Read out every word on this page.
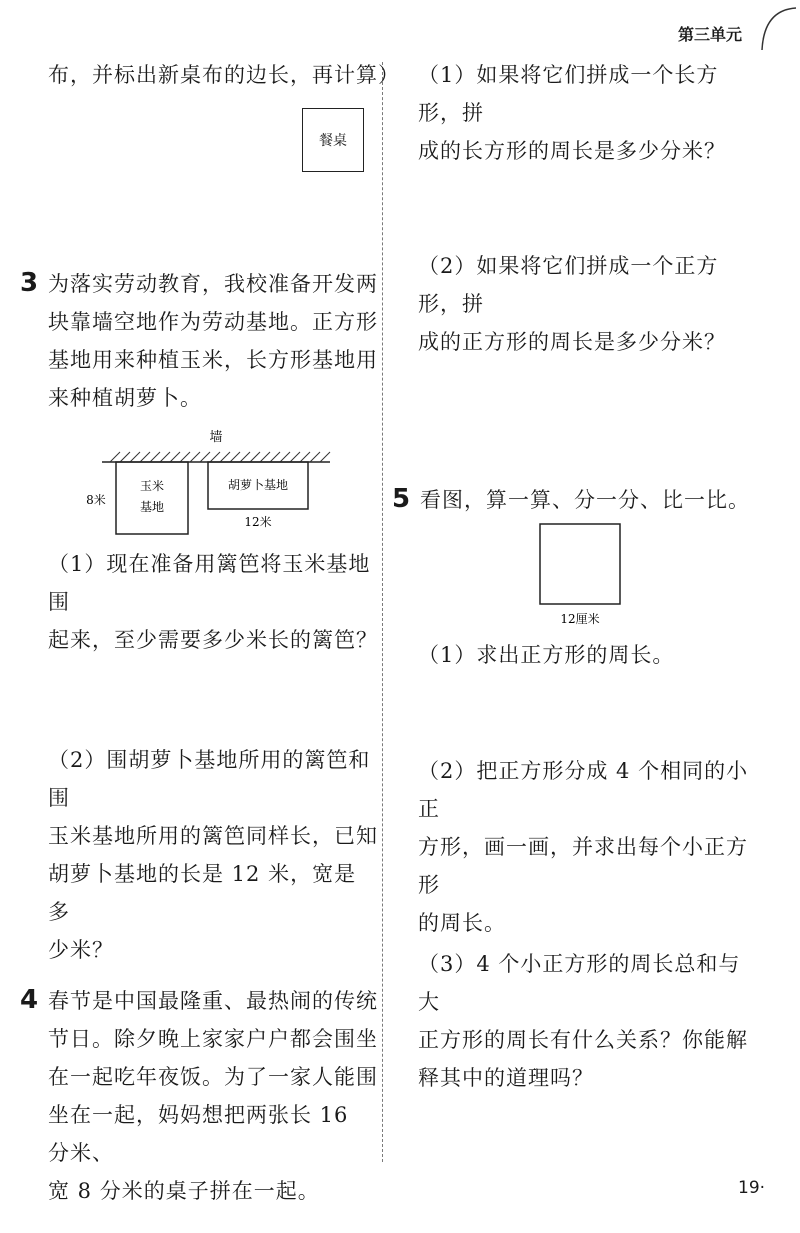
第三单元
布，并标出新桌布的边长，再计算）
餐桌
3 为落实劳动教育，我校准备开发两
块靠墙空地作为劳动基地。正方形
基地用来种植玉米，长方形基地用
来种植胡萝卜。
墙
玉米
基地
8米
胡萝卜基地
12米
（1）现在准备用篱笆将玉米基地围
起来，至少需要多少米长的篱笆？
（2）围胡萝卜基地所用的篱笆和围
玉米基地所用的篱笆同样长，已知
胡萝卜基地的长是 12 米，宽是多
少米？
4 春节是中国最隆重、最热闹的传统
节日。除夕晚上家家户户都会围坐
在一起吃年夜饭。为了一家人能围
坐在一起，妈妈想把两张长 16 分米、
宽 8 分米的桌子拼在一起。
（1）如果将它们拼成一个长方形，拼
成的长方形的周长是多少分米？
（2）如果将它们拼成一个正方形，拼
成的正方形的周长是多少分米？
5 看图，算一算、分一分、比一比。
12厘米
（1）求出正方形的周长。
（2）把正方形分成 4 个相同的小正
方形，画一画，并求出每个小正方形
的周长。
（3）4 个小正方形的周长总和与大
正方形的周长有什么关系？你能解
释其中的道理吗？
19·
